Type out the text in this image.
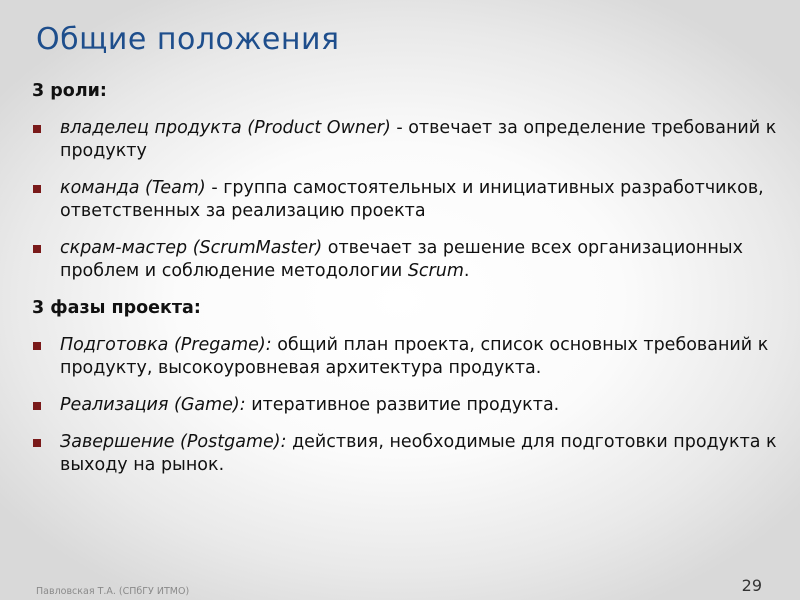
Общие положения
3 роли:
владелец продукта (Product Owner) - отвечает за определение требований к продукту
команда (Team) - группа самостоятельных и инициативных разработчиков, ответственных за реализацию проекта
скрам-мастер (ScrumMaster) отвечает за решение всех организационных проблем и соблюдение методологии Scrum.
3 фазы проекта:
Подготовка (Pregame): общий план проекта, список основных требований к продукту, высокоуровневая архитектура продукта.
Реализация (Game): итеративное развитие продукта.
Завершение (Postgame): действия, необходимые для подготовки продукта к выходу на рынок.
Павловская Т.А. (СПбГУ ИТМО)	29
